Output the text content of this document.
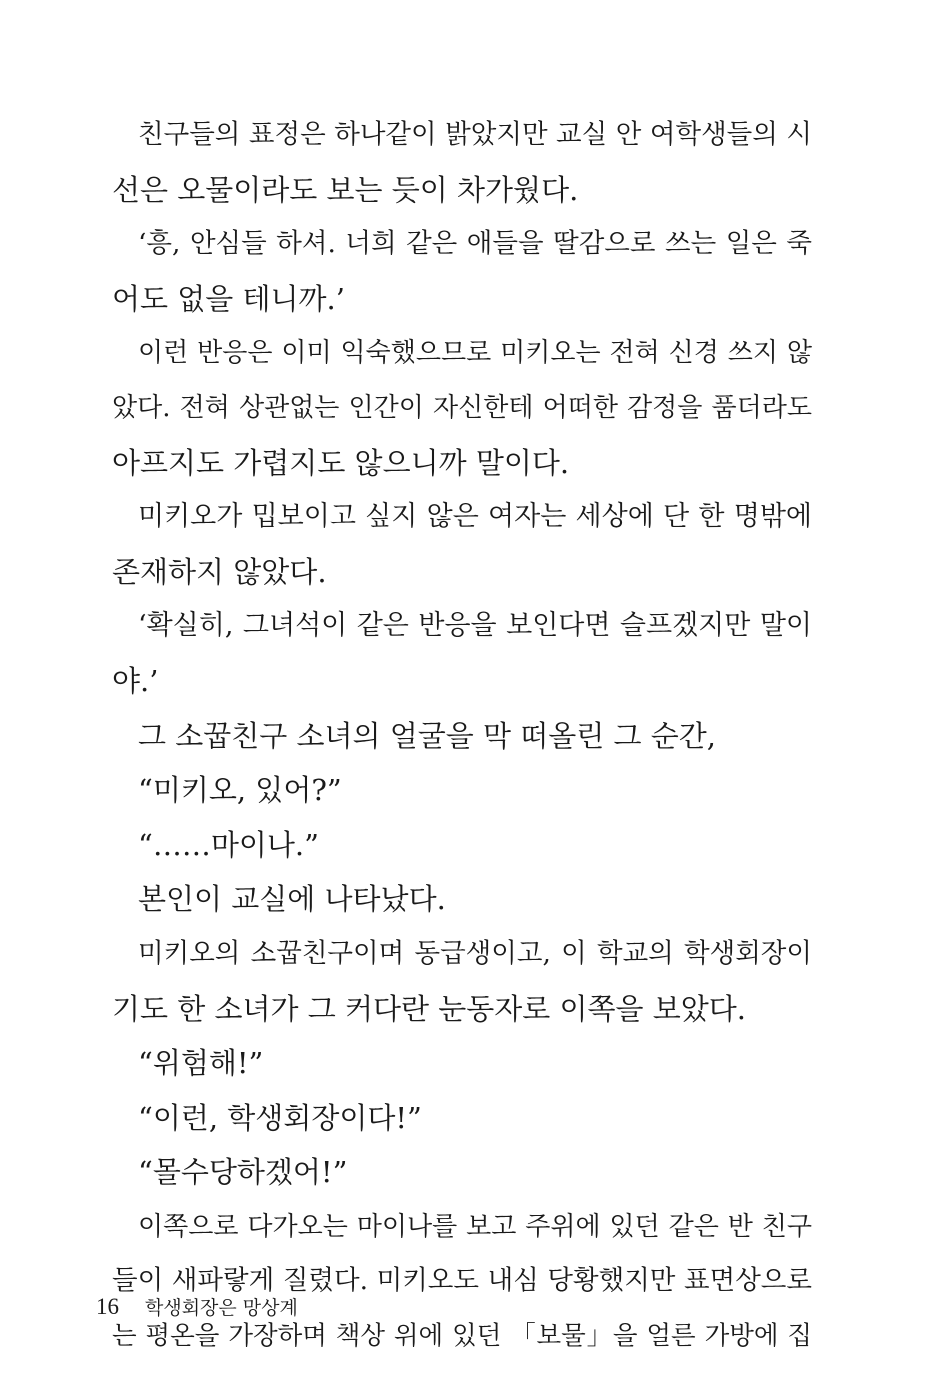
친구들의 표정은 하나같이 밝았지만 교실 안 여학생들의 시
선은 오물이라도 보는 듯이 차가웠다.
‘흥, 안심들 하셔. 너희 같은 애들을 딸감으로 쓰는 일은 죽
어도 없을 테니까.’
이런 반응은 이미 익숙했으므로 미키오는 전혀 신경 쓰지 않
았다. 전혀 상관없는 인간이 자신한테 어떠한 감정을 품더라도
아프지도 가렵지도 않으니까 말이다.
미키오가 밉보이고 싶지 않은 여자는 세상에 단 한 명밖에
존재하지 않았다.
‘확실히, 그녀석이 같은 반응을 보인다면 슬프겠지만 말이
야.’
그 소꿉친구 소녀의 얼굴을 막 떠올린 그 순간,
“미키오, 있어?”
“……마이나.”
본인이 교실에 나타났다.
미키오의 소꿉친구이며 동급생이고, 이 학교의 학생회장이
기도 한 소녀가 그 커다란 눈동자로 이쪽을 보았다.
“위험해!”
“이런, 학생회장이다!”
“몰수당하겠어!”
이쪽으로 다가오는 마이나를 보고 주위에 있던 같은 반 친구
들이 새파랗게 질렸다. 미키오도 내심 당황했지만 표면상으로
는 평온을 가장하며 책상 위에 있던 「보물」을 얼른 가방에 집
16 학생회장은 망상계
